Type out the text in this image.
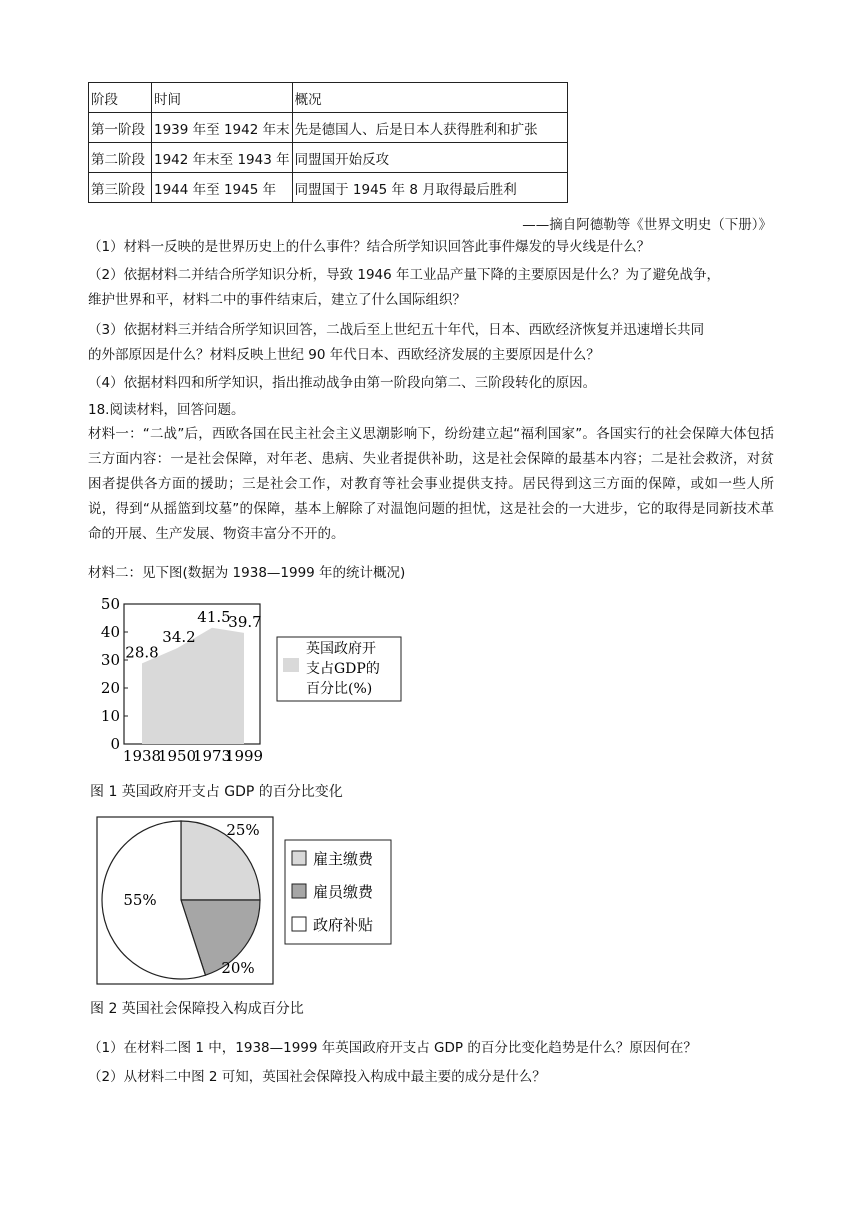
阶段	时间	概况
第一阶段	1939 年至 1942 年末	先是德国人、后是日本人获得胜利和扩张
第二阶段	1942 年末至 1943 年	同盟国开始反攻
第三阶段	1944 年至 1945 年	同盟国于 1945 年 8 月取得最后胜利
——摘自阿德勒等《世界文明史（下册）》
（1）材料一反映的是世界历史上的什么事件？结合所学知识回答此事件爆发的导火线是什么？
（2）依据材料二并结合所学知识分析，导致 1946 年工业品产量下降的主要原因是什么？为了避免战争，
维护世界和平，材料二中的事件结束后，建立了什么国际组织？
（3）依据材料三并结合所学知识回答，二战后至上世纪五十年代，日本、西欧经济恢复并迅速增长共同
的外部原因是什么？材料反映上世纪 90 年代日本、西欧经济发展的主要原因是什么？
（4）依据材料四和所学知识，指出推动战争由第一阶段向第二、三阶段转化的原因。
18.阅读材料，回答问题。
材料一：“二战”后，西欧各国在民主社会主义思潮影响下，纷纷建立起“福利国家”。各国实行的社会保障大体包括三方面内容：一是社会保障，对年老、患病、失业者提供补助，这是社会保障的最基本内容；二是社会救济，对贫困者提供各方面的援助；三是社会工作，对教育等社会事业提供支持。居民得到这三方面的保障，或如一些人所说，得到“从摇篮到坟墓”的保障，基本上解除了对温饱问题的担忧，这是社会的一大进步，它的取得是同新技术革命的开展、生产发展、物资丰富分不开的。
材料二：见下图(数据为 1938—1999 年的统计概况)
0
10
20
30
40
50
1938
1950
1973
1999
28.8
34.2
41.5
39.7
英国政府开
支占GDP的
百分比(%)
图 1 英国政府开支占 GDP 的百分比变化
25%
20%
55%
雇主缴费
雇员缴费
政府补贴
图 2 英国社会保障投入构成百分比
（1）在材料二图 1 中，1938—1999 年英国政府开支占 GDP 的百分比变化趋势是什么？原因何在？
（2）从材料二中图 2 可知，英国社会保障投入构成中最主要的成分是什么？
